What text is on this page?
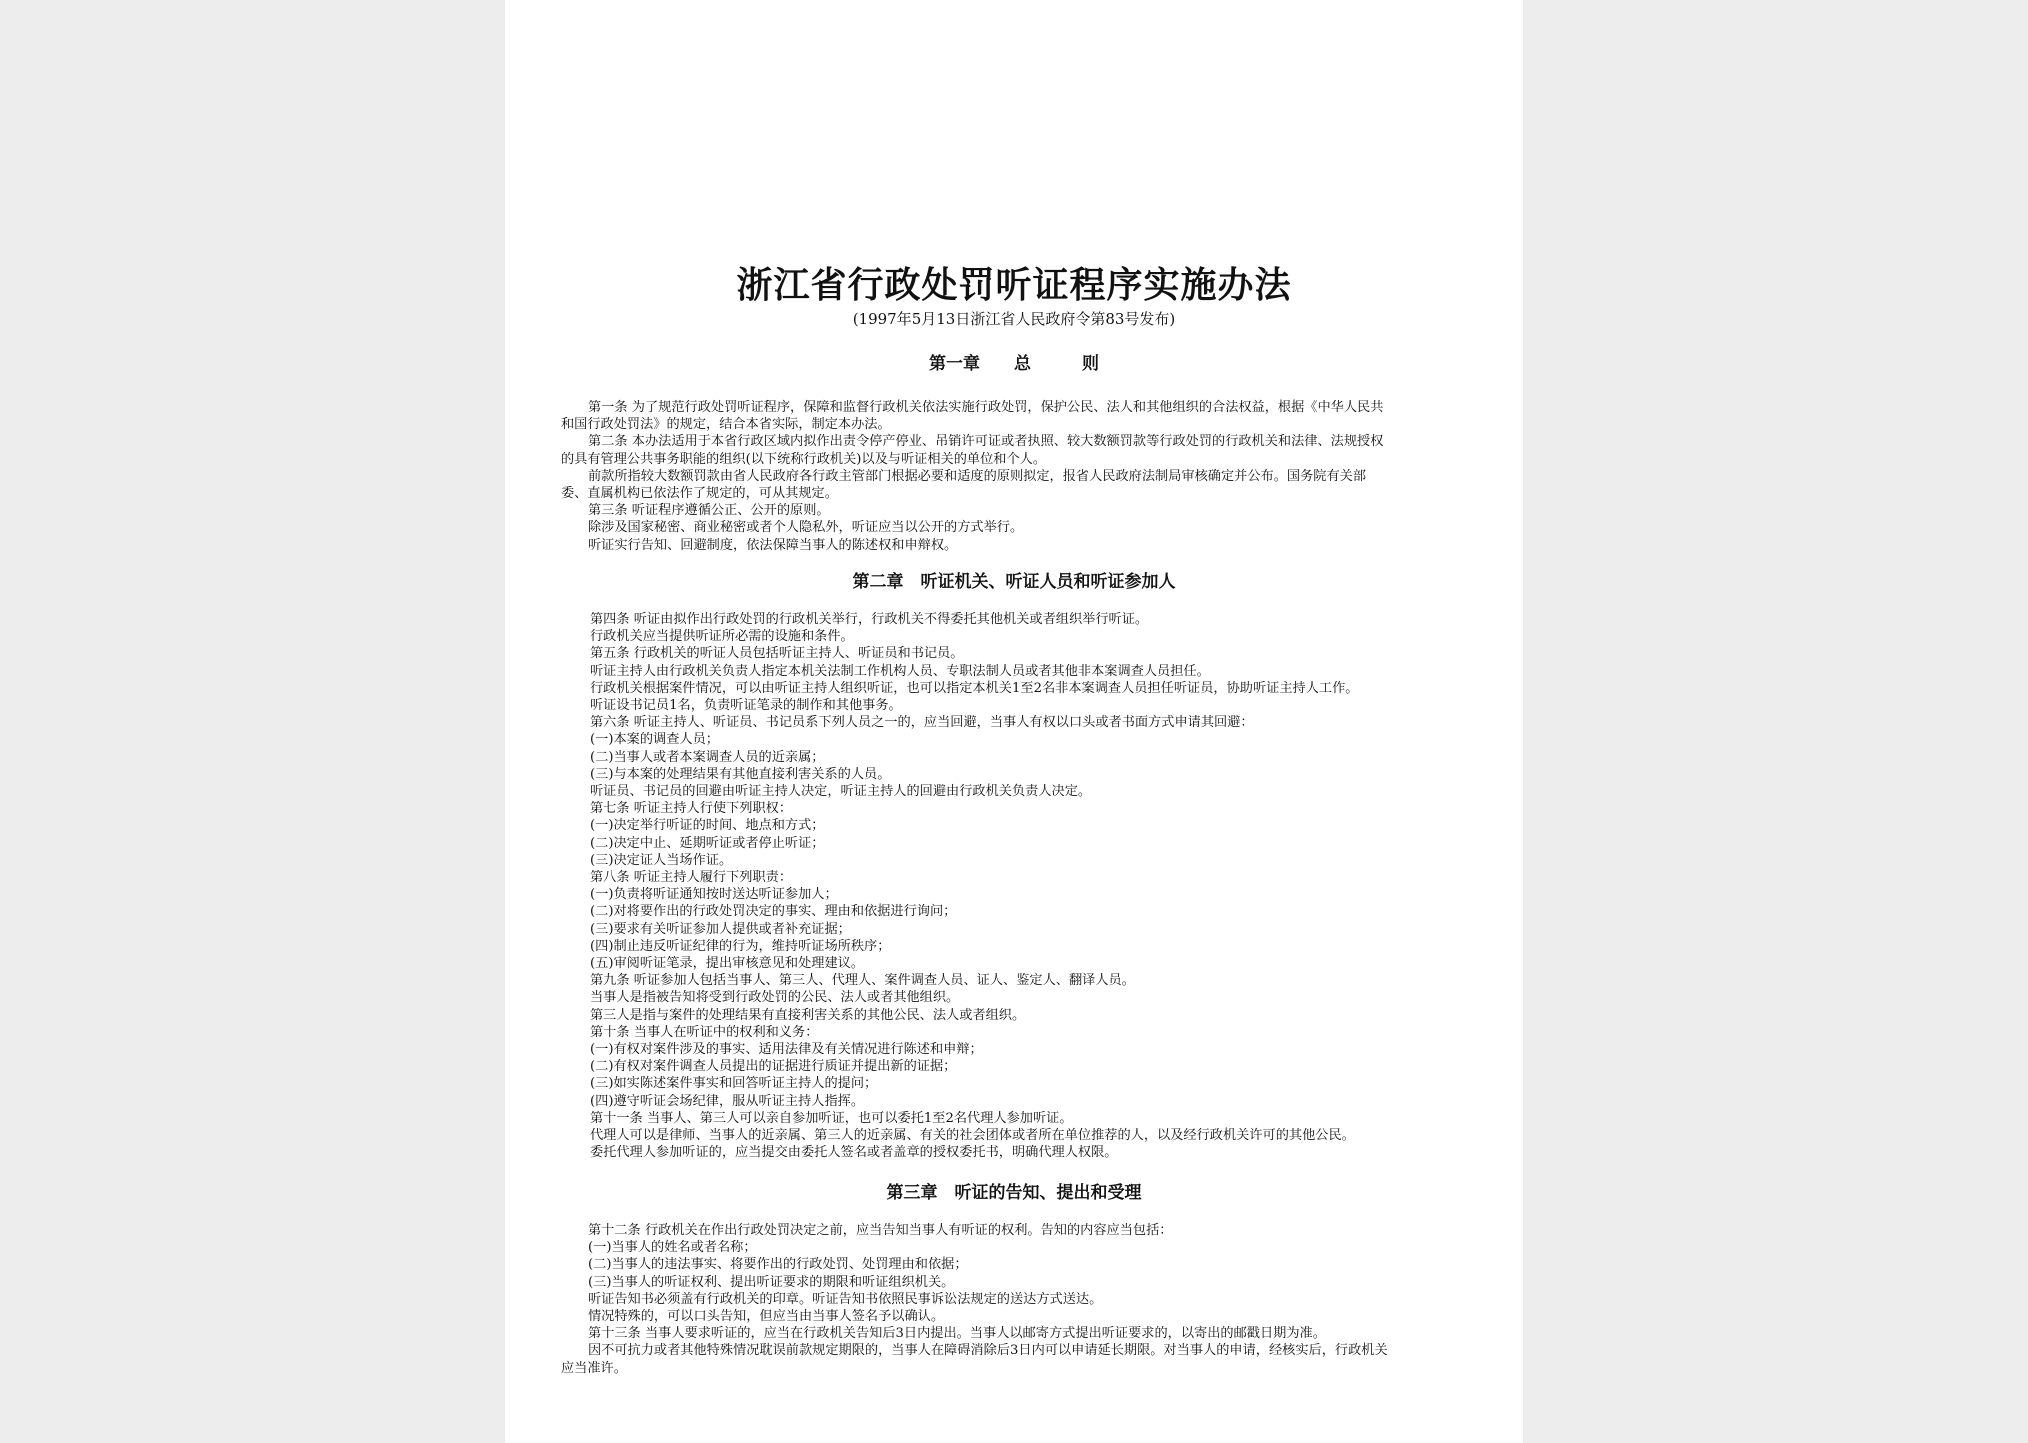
浙江省行政处罚听证程序实施办法
(1997年5月13日浙江省人民政府令第83号发布)
第一章　　总　　　则
第一条 为了规范行政处罚听证程序，保障和监督行政机关依法实施行政处罚，保护公民、法人和其他组织的合法权益，根据《中华人民共
和国行政处罚法》的规定，结合本省实际，制定本办法。
第二条 本办法适用于本省行政区域内拟作出责令停产停业、吊销许可证或者执照、较大数额罚款等行政处罚的行政机关和法律、法规授权
的具有管理公共事务职能的组织(以下统称行政机关)以及与听证相关的单位和个人。
前款所指较大数额罚款由省人民政府各行政主管部门根据必要和适度的原则拟定，报省人民政府法制局审核确定并公布。国务院有关部
委、直属机构已依法作了规定的，可从其规定。
第三条 听证程序遵循公正、公开的原则。
除涉及国家秘密、商业秘密或者个人隐私外，听证应当以公开的方式举行。
听证实行告知、回避制度，依法保障当事人的陈述权和申辩权。
第二章　听证机关、听证人员和听证参加人
第四条 听证由拟作出行政处罚的行政机关举行，行政机关不得委托其他机关或者组织举行听证。
行政机关应当提供听证所必需的设施和条件。
第五条 行政机关的听证人员包括听证主持人、听证员和书记员。
听证主持人由行政机关负责人指定本机关法制工作机构人员、专职法制人员或者其他非本案调查人员担任。
行政机关根据案件情况，可以由听证主持人组织听证，也可以指定本机关1至2名非本案调查人员担任听证员，协助听证主持人工作。
听证设书记员1名，负责听证笔录的制作和其他事务。
第六条 听证主持人、听证员、书记员系下列人员之一的，应当回避，当事人有权以口头或者书面方式申请其回避：
(一)本案的调查人员；
(二)当事人或者本案调查人员的近亲属；
(三)与本案的处理结果有其他直接利害关系的人员。
听证员、书记员的回避由听证主持人决定，听证主持人的回避由行政机关负责人决定。
第七条 听证主持人行使下列职权：
(一)决定举行听证的时间、地点和方式；
(二)决定中止、延期听证或者停止听证；
(三)决定证人当场作证。
第八条 听证主持人履行下列职责：
(一)负责将听证通知按时送达听证参加人；
(二)对将要作出的行政处罚决定的事实、理由和依据进行询问；
(三)要求有关听证参加人提供或者补充证据；
(四)制止违反听证纪律的行为，维持听证场所秩序；
(五)审阅听证笔录，提出审核意见和处理建议。
第九条 听证参加人包括当事人、第三人、代理人、案件调查人员、证人、鉴定人、翻译人员。
当事人是指被告知将受到行政处罚的公民、法人或者其他组织。
第三人是指与案件的处理结果有直接利害关系的其他公民、法人或者组织。
第十条 当事人在听证中的权利和义务：
(一)有权对案件涉及的事实、适用法律及有关情况进行陈述和申辩；
(二)有权对案件调查人员提出的证据进行质证并提出新的证据；
(三)如实陈述案件事实和回答听证主持人的提问；
(四)遵守听证会场纪律，服从听证主持人指挥。
第十一条 当事人、第三人可以亲自参加听证，也可以委托1至2名代理人参加听证。
代理人可以是律师、当事人的近亲属、第三人的近亲属、有关的社会团体或者所在单位推荐的人，以及经行政机关许可的其他公民。
委托代理人参加听证的，应当提交由委托人签名或者盖章的授权委托书，明确代理人权限。
第三章　听证的告知、提出和受理
第十二条 行政机关在作出行政处罚决定之前，应当告知当事人有听证的权利。告知的内容应当包括：
(一)当事人的姓名或者名称；
(二)当事人的违法事实、将要作出的行政处罚、处罚理由和依据；
(三)当事人的听证权利、提出听证要求的期限和听证组织机关。
听证告知书必须盖有行政机关的印章。听证告知书依照民事诉讼法规定的送达方式送达。
情况特殊的，可以口头告知，但应当由当事人签名予以确认。
第十三条 当事人要求听证的，应当在行政机关告知后3日内提出。当事人以邮寄方式提出听证要求的，以寄出的邮戳日期为准。
因不可抗力或者其他特殊情况耽误前款规定期限的，当事人在障碍消除后3日内可以申请延长期限。对当事人的申请，经核实后，行政机关
应当准许。
